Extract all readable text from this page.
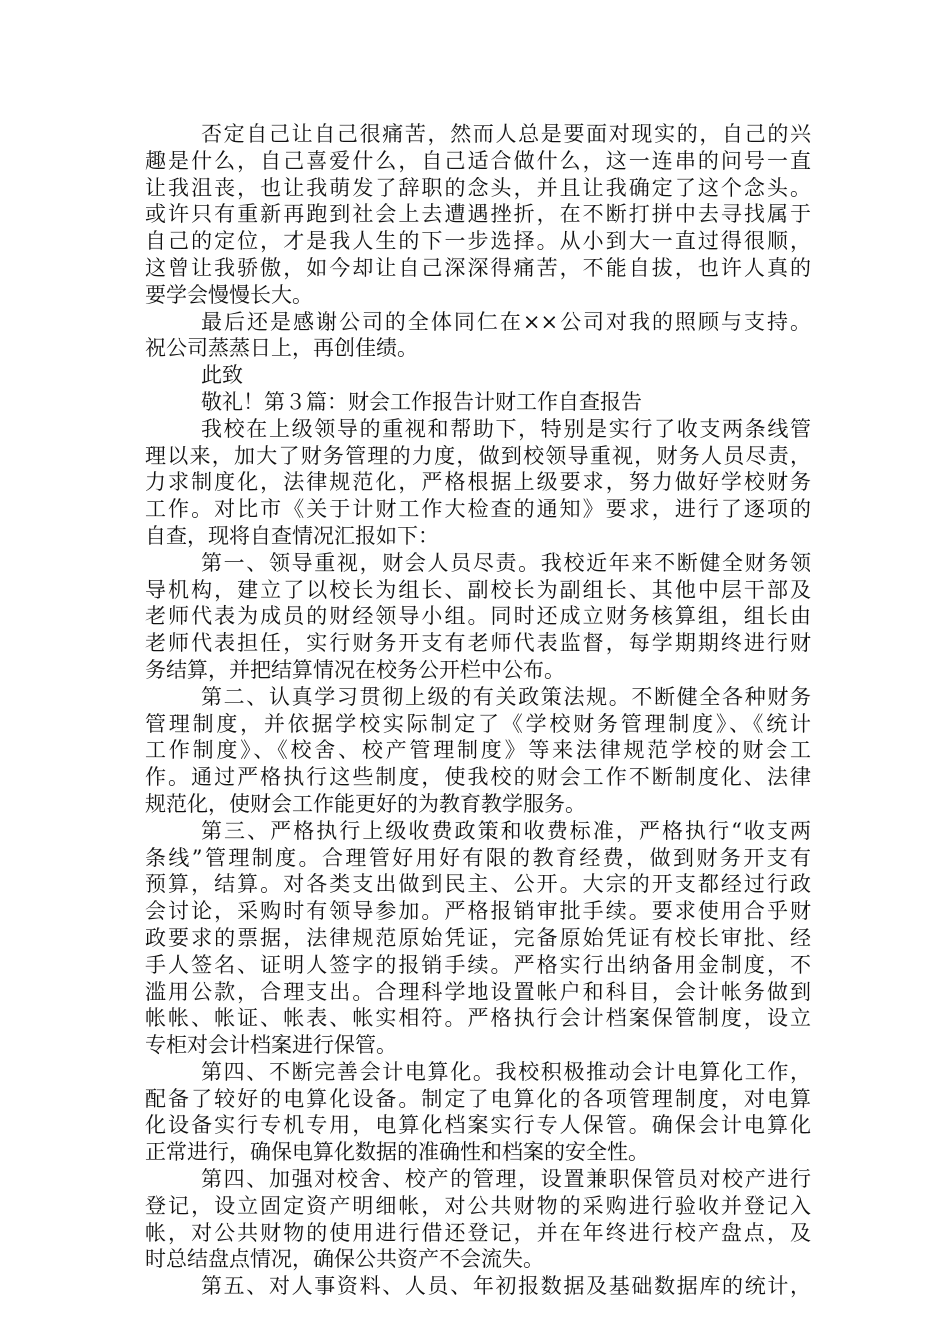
否定自己让自己很痛苦，然而人总是要面对现实的，自己的兴
趣是什么，自己喜爱什么，自己适合做什么，这一连串的问号一直
让我沮丧，也让我萌发了辞职的念头，并且让我确定了这个念头。
或许只有重新再跑到社会上去遭遇挫折，在不断打拼中去寻找属于
自己的定位，才是我人生的下一步选择。从小到大一直过得很顺，
这曾让我骄傲，如今却让自己深深得痛苦，不能自拔，也许人真的
要学会慢慢长大。
最后还是感谢公司的全体同仁在××公司对我的照顾与支持。
祝公司蒸蒸日上，再创佳绩。
此致
敬礼！第３篇：财会工作报告计财工作自查报告
我校在上级领导的重视和帮助下，特别是实行了收支两条线管
理以来，加大了财务管理的力度，做到校领导重视，财务人员尽责，
力求制度化，法律规范化，严格根据上级要求，努力做好学校财务
工作。对比市《关于计财工作大检查的通知》要求，进行了逐项的
自查，现将自查情况汇报如下：
第一、领导重视，财会人员尽责。我校近年来不断健全财务领
导机构，建立了以校长为组长、副校长为副组长、其他中层干部及
老师代表为成员的财经领导小组。同时还成立财务核算组，组长由
老师代表担任，实行财务开支有老师代表监督，每学期期终进行财
务结算，并把结算情况在校务公开栏中公布。
第二、认真学习贯彻上级的有关政策法规。不断健全各种财务
管理制度，并依据学校实际制定了《学校财务管理制度》、《统计
工作制度》、《校舍、校产管理制度》等来法律规范学校的财会工
作。通过严格执行这些制度，使我校的财会工作不断制度化、法律
规范化，使财会工作能更好的为教育教学服务。
第三、严格执行上级收费政策和收费标准，严格执行“收支两
条线”管理制度。合理管好用好有限的教育经费，做到财务开支有
预算，结算。对各类支出做到民主、公开。大宗的开支都经过行政
会讨论，采购时有领导参加。严格报销审批手续。要求使用合乎财
政要求的票据，法律规范原始凭证，完备原始凭证有校长审批、经
手人签名、证明人签字的报销手续。严格实行出纳备用金制度，不
滥用公款，合理支出。合理科学地设置帐户和科目，会计帐务做到
帐帐、帐证、帐表、帐实相符。严格执行会计档案保管制度，设立
专柜对会计档案进行保管。
第四、不断完善会计电算化。我校积极推动会计电算化工作，
配备了较好的电算化设备。制定了电算化的各项管理制度，对电算
化设备实行专机专用，电算化档案实行专人保管。确保会计电算化
正常进行，确保电算化数据的准确性和档案的安全性。
第四、加强对校舍、校产的管理，设置兼职保管员对校产进行
登记，设立固定资产明细帐，对公共财物的采购进行验收并登记入
帐，对公共财物的使用进行借还登记，并在年终进行校产盘点，及
时总结盘点情况，确保公共资产不会流失。
第五、对人事资料、人员、年初报数据及基础数据库的统计，
